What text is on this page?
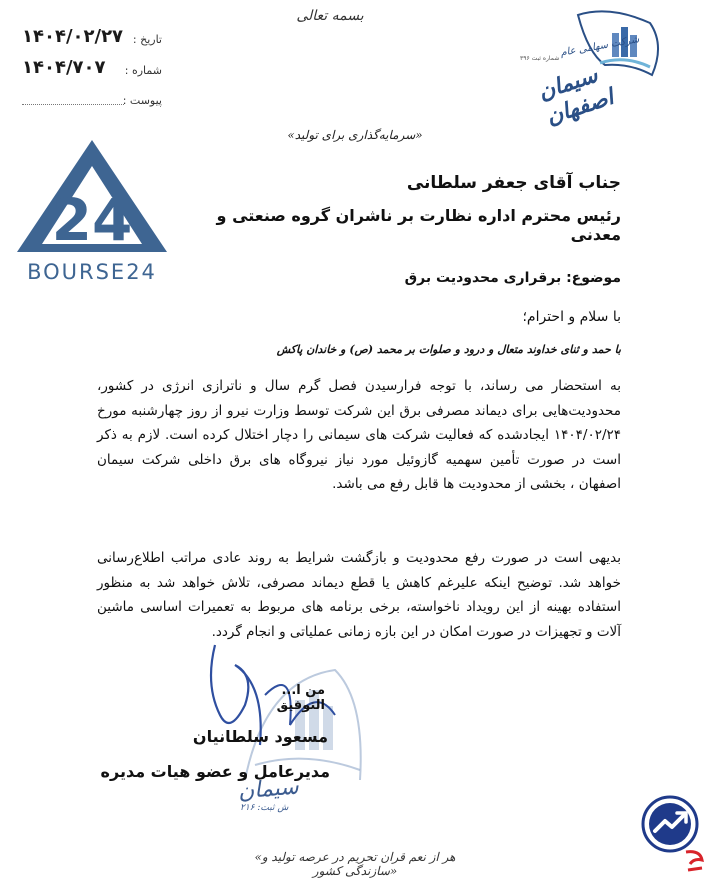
تاریخ :
۱۴۰۴/۰۲/۲۷
شماره :
۱۴۰۴/۷۰۷
پیوست :
بسمه تعالی
سیمان اصفهان
شرکت سهامی عام
شماره ثبت ۳۹۶
«سرمایه‌گذاری برای تولید»
24
BOURSE24
جناب آقای جعفر سلطانی
رئیس محترم اداره نظارت بر ناشران گروه صنعتی و معدنی
موضوع: برقراری محدودیت برق
با سلام و احترام؛
با حمد و ثنای خداوند متعال و درود و صلوات بر محمد (ص) و خاندان پاکش
به استحضار می رساند، با توجه فرارسیدن فصل گرم سال و ناترازی انرژی در کشور، محدودیت‌هایی برای دیماند مصرفی برق این شرکت توسط وزارت نیرو از روز چهارشنبه مورخ ۱۴۰۴/۰۲/۲۴ ایجادشده که فعالیت شرکت های سیمانی را دچار اختلال کرده است. لازم به ذکر است در صورت تأمین سهمیه گازوئیل مورد نیاز نیروگاه های برق داخلی شرکت سیمان اصفهان ، بخشی از محدودیت ها قابل رفع می باشد.
بدیهی است در صورت رفع محدودیت و بازگشت شرایط به روند عادی مراتب اطلاع‌رسانی خواهد شد. توضیح اینکه علیرغم کاهش یا قطع دیماند مصرفی، تلاش خواهد شد به منظور استفاده بهینه از این رویداد ناخواسته، برخی برنامه های مربوط به تعمیرات اساسی ماشین آلات و تجهیزات در صورت امکان در این بازه زمانی عملیاتی و انجام گردد.
سیمان
ش ثبت: ۲۱۶
من ا... التوفیق
مسعود سلطانیان
مدیرعامل و عضو هیات مدیره
«هر از نعم قران تحریم در عرصه تولید و سازندگی کشور»
